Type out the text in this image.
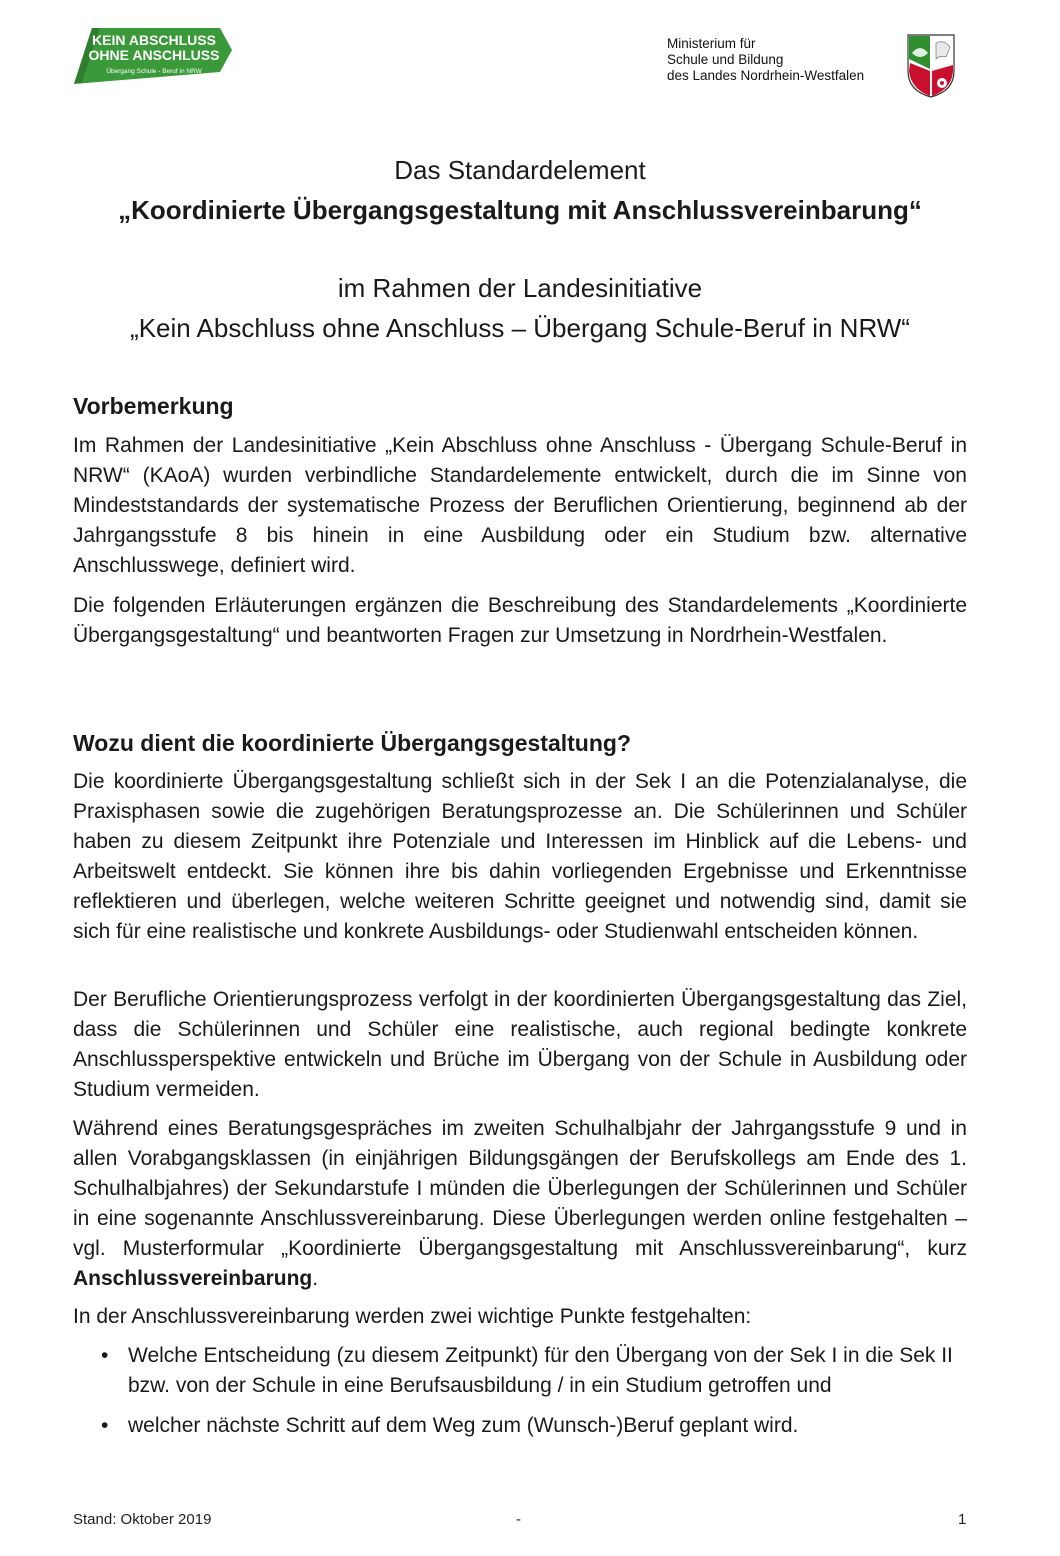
KEIN ABSCHLUSS
OHNE ANSCHLUSS
Übergang Schule - Beruf in NRW
Ministerium für
Schule und Bildung
des Landes Nordrhein-Westfalen
Das Standardelement
„Koordinierte Übergangsgestaltung mit Anschlussvereinbarung“
im Rahmen der Landesinitiative
„Kein Abschluss ohne Anschluss – Übergang Schule-Beruf in NRW“
Vorbemerkung

Im Rahmen der Landesinitiative „Kein Abschluss ohne Anschluss - Übergang Schule-Beruf in NRW“ (KAoA) wurden verbindliche Standardelemente entwickelt, durch die im Sinne von Mindeststandards der systematische Prozess der Beruflichen Orientierung, beginnend ab der Jahrgangsstufe 8 bis hinein in eine Ausbildung oder ein Studium bzw. alternative Anschlusswege, definiert wird.

Die folgenden Erläuterungen ergänzen die Beschreibung des Standardelements „Koordinierte Übergangsgestaltung“ und beantworten Fragen zur Umsetzung in Nordrhein-Westfalen.

Wozu dient die koordinierte Übergangsgestaltung?

Die koordinierte Übergangsgestaltung schließt sich in der Sek I an die Potenzialanalyse, die Praxisphasen sowie die zugehörigen Beratungsprozesse an. Die Schülerinnen und Schüler haben zu diesem Zeitpunkt ihre Potenziale und Interessen im Hinblick auf die Lebens- und Arbeitswelt entdeckt. Sie können ihre bis dahin vorliegenden Ergebnisse und Erkenntnisse reflektieren und überlegen, welche weiteren Schritte geeignet und notwendig sind, damit sie sich für eine realistische und konkrete Ausbildungs- oder Studienwahl entscheiden können.

Der Berufliche Orientierungsprozess verfolgt in der koordinierten Übergangsgestaltung das Ziel, dass die Schülerinnen und Schüler eine realistische, auch regional bedingte konkrete Anschlussperspektive entwickeln und Brüche im Übergang von der Schule in Ausbildung oder Studium vermeiden.

Während eines Beratungsgespräches im zweiten Schulhalbjahr der Jahrgangsstufe 9 und in allen Vorabgangsklassen (in einjährigen Bildungsgängen der Berufskollegs am Ende des 1. Schulhalbjahres) der Sekundarstufe I münden die Überlegungen der Schülerinnen und Schüler in eine sogenannte Anschlussvereinbarung. Diese Überlegungen werden online festgehalten – vgl. Musterformular „Koordinierte Übergangsgestaltung mit Anschlussvereinbarung“, kurz Anschlussvereinbarung.

In der Anschlussvereinbarung werden zwei wichtige Punkte festgehalten:

• Welche Entscheidung (zu diesem Zeitpunkt) für den Übergang von der Sek I in die Sek II bzw. von der Schule in eine Berufsausbildung / in ein Studium getroffen und
• welcher nächste Schritt auf dem Weg zum (Wunsch-)Beruf geplant wird.
Stand: Oktober 2019	-	1
